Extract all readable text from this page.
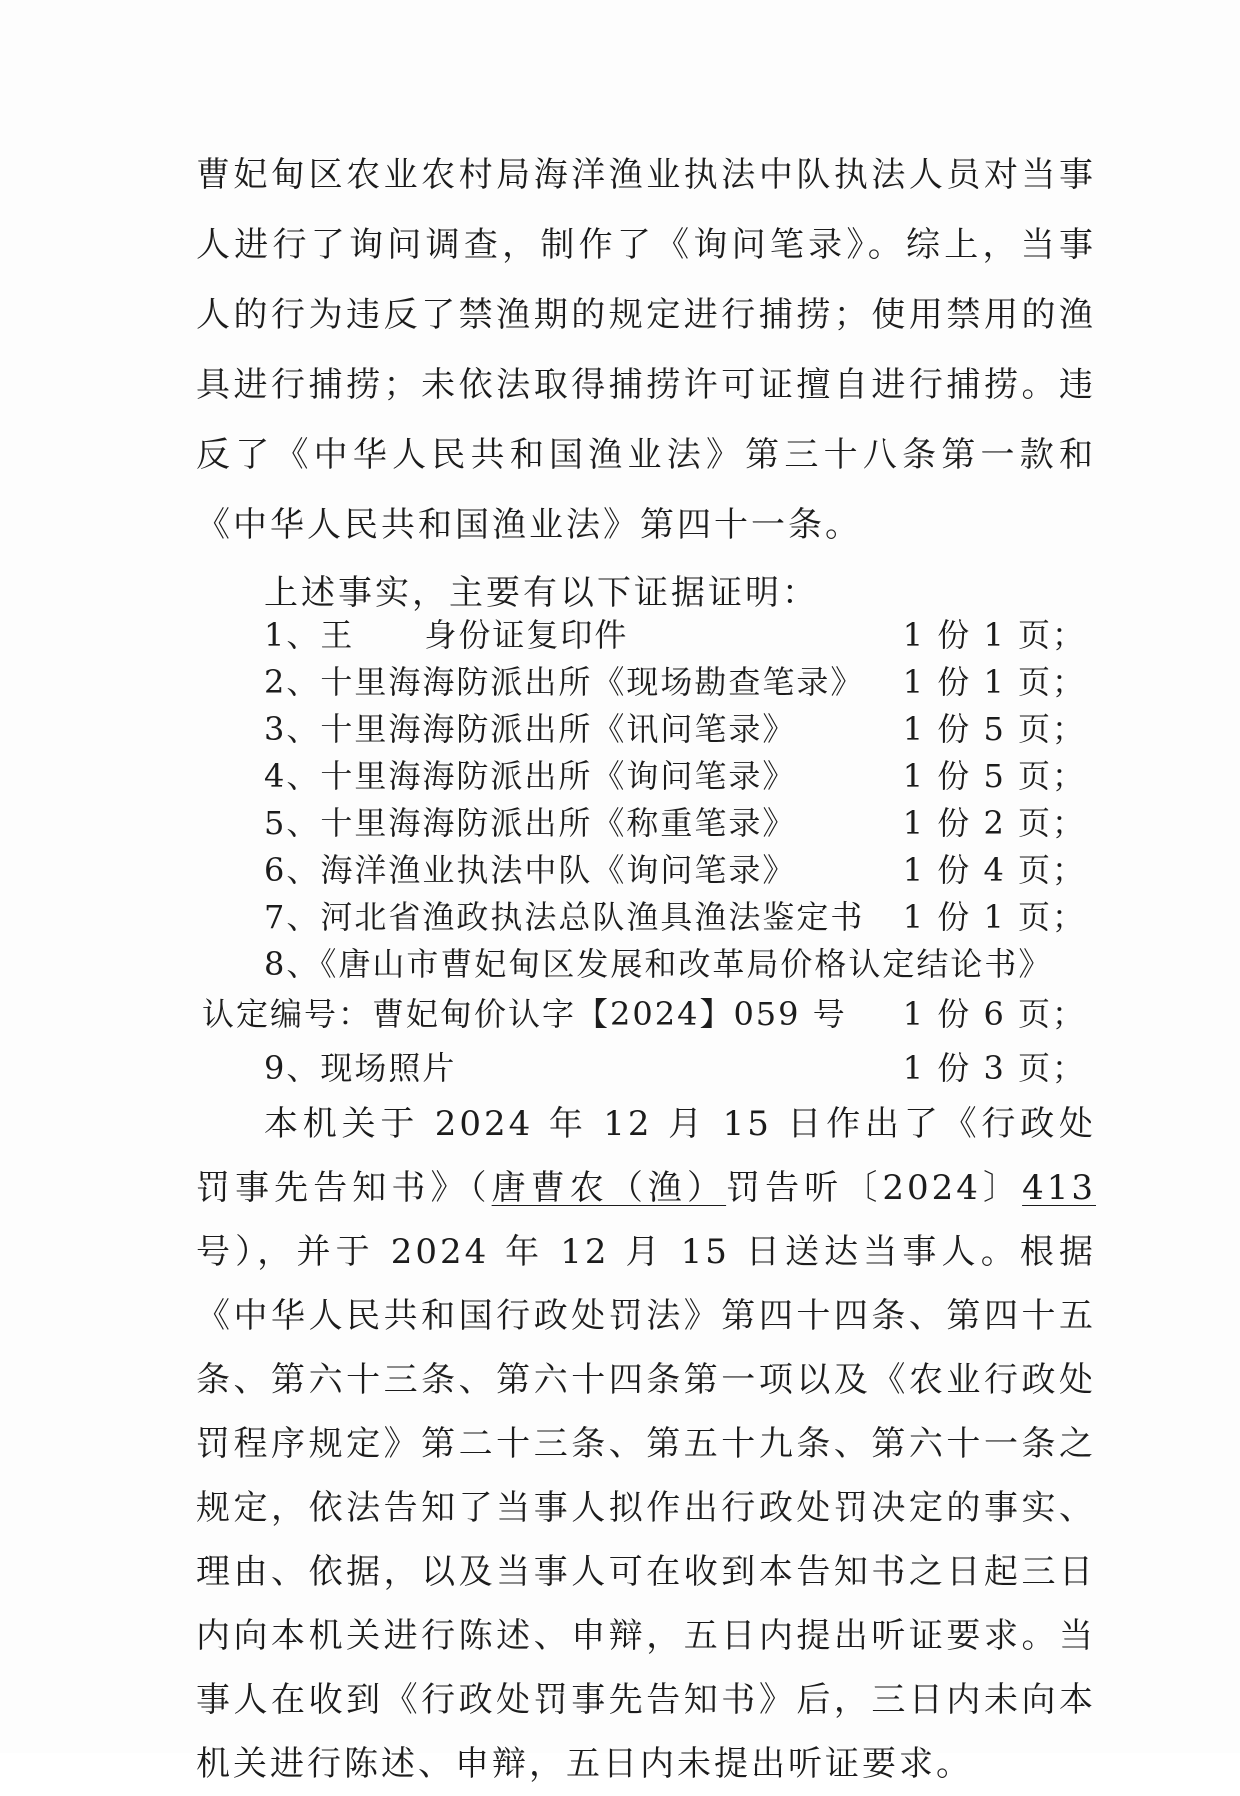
曹妃甸区农业农村局海洋渔业执法中队执法人员对当事人进行了询问调查，制作了《询问笔录》。综上，当事人的行为违反了禁渔期的规定进行捕捞；使用禁用的渔具进行捕捞；未依法取得捕捞许可证擅自进行捕捞。违反了《中华人民共和国渔业法》第三十八条第一款和《中华人民共和国渔业法》第四十一条。

上述事实，主要有以下证据证明：

1、王 身份证复印件	1 份 1 页；
2、十里海海防派出所《现场勘查笔录》 1 份 1 页；
3、十里海海防派出所《讯问笔录》	1 份 5 页；
4、十里海海防派出所《询问笔录》	1 份 5 页；
5、十里海海防派出所《称重笔录》	1 份 2 页；
6、海洋渔业执法中队《询问笔录》	1 份 4 页；
7、河北省渔政执法总队渔具渔法鉴定书 1 份 1 页；
8、《唐山市曹妃甸区发展和改革局价格认定结论书》
认定编号：曹妃甸价认字【2024】059 号 1 份 6 页；
9、现场照片	1 份 3 页；

本机关于 2024 年 12 月 15 日作出了《行政处罚事先告知书》（唐曹农（渔）罚告听〔2024〕413号），并于 2024 年 12 月 15 日送达当事人。根据《中华人民共和国行政处罚法》第四十四条、第四十五条、第六十三条、第六十四条第一项以及《农业行政处罚程序规定》第二十三条、第五十九条、第六十一条之规定，依法告知了当事人拟作出行政处罚决定的事实、理由、依据，以及当事人可在收到本告知书之日起三日内向本机关进行陈述、申辩，五日内提出听证要求。当事人在收到《行政处罚事先告知书》后，三日内未向本机关进行陈述、申辩，五日内未提出听证要求。
